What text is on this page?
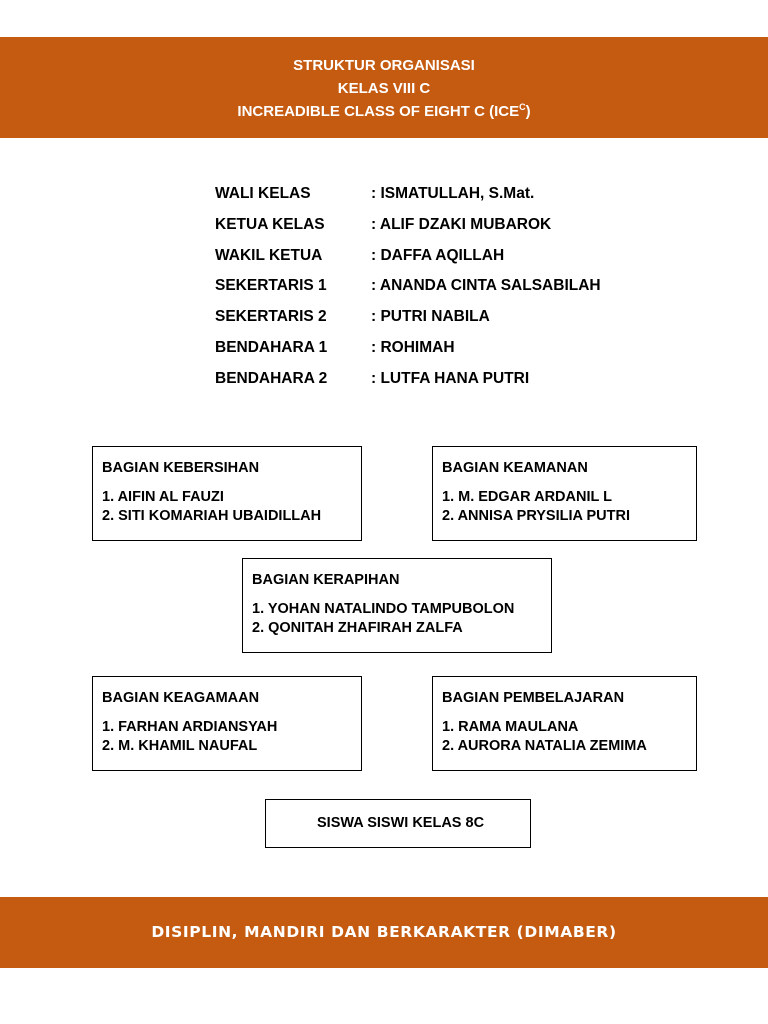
STRUKTUR ORGANISASI
KELAS VIII C
INCREADIBLE CLASS OF EIGHT C $(ICE^C)$
WALI KELAS	: ISMATULLAH, S.Mat.
KETUA KELAS	: ALIF DZAKI MUBAROK
WAKIL KETUA	: DAFFA AQILLAH
SEKERTARIS 1	: ANANDA CINTA SALSABILAH
SEKERTARIS 2	: PUTRI NABILA
BENDAHARA 1	: ROHIMAH
BENDAHARA 2	: LUTFA HANA PUTRI
BAGIAN KEBERSIHAN
1. AIFIN AL FAUZI
2. SITI KOMARIAH UBAIDILLAH
BAGIAN KEAMANAN
1. M. EDGAR ARDANIL L
2. ANNISA PRYSILIA PUTRI
BAGIAN KERAPIHAN
1. YOHAN NATALINDO TAMPUBOLON
2. QONITAH ZHAFIRAH ZALFA
BAGIAN KEAGAMAAN
1. FARHAN ARDIANSYAH
2. M. KHAMIL NAUFAL
BAGIAN PEMBELAJARAN
1. RAMA MAULANA
2. AURORA NATALIA ZEMIMA
SISWA SISWI KELAS 8C
DISIPLIN, MANDIRI DAN BERKARAKTER (DIMABER)
